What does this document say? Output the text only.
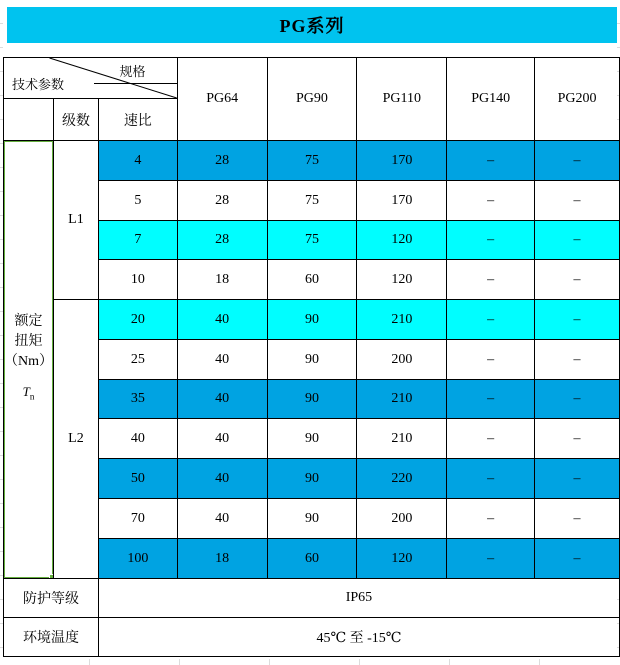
PG系列
规格
技术参数			PG64	PG90	PG110	PG140	PG200
	级数	速比					

额定
扭矩
（Nm）
$T_n$	L1	4	28	75	170	–	–
		5	28	75	170	–	–
		7	28	75	120	–	–
		10	18	60	120	–	–
	L2	20	40	90	210	–	–
		25	40	90	200	–	–
		35	40	90	210	–	–
		40	40	90	210	–	–
		50	40	90	220	–	–
		70	40	90	200	–	–
		100	18	60	120	–	–
防护等级		IP65					
环境温度		45℃ 至 -15℃					
